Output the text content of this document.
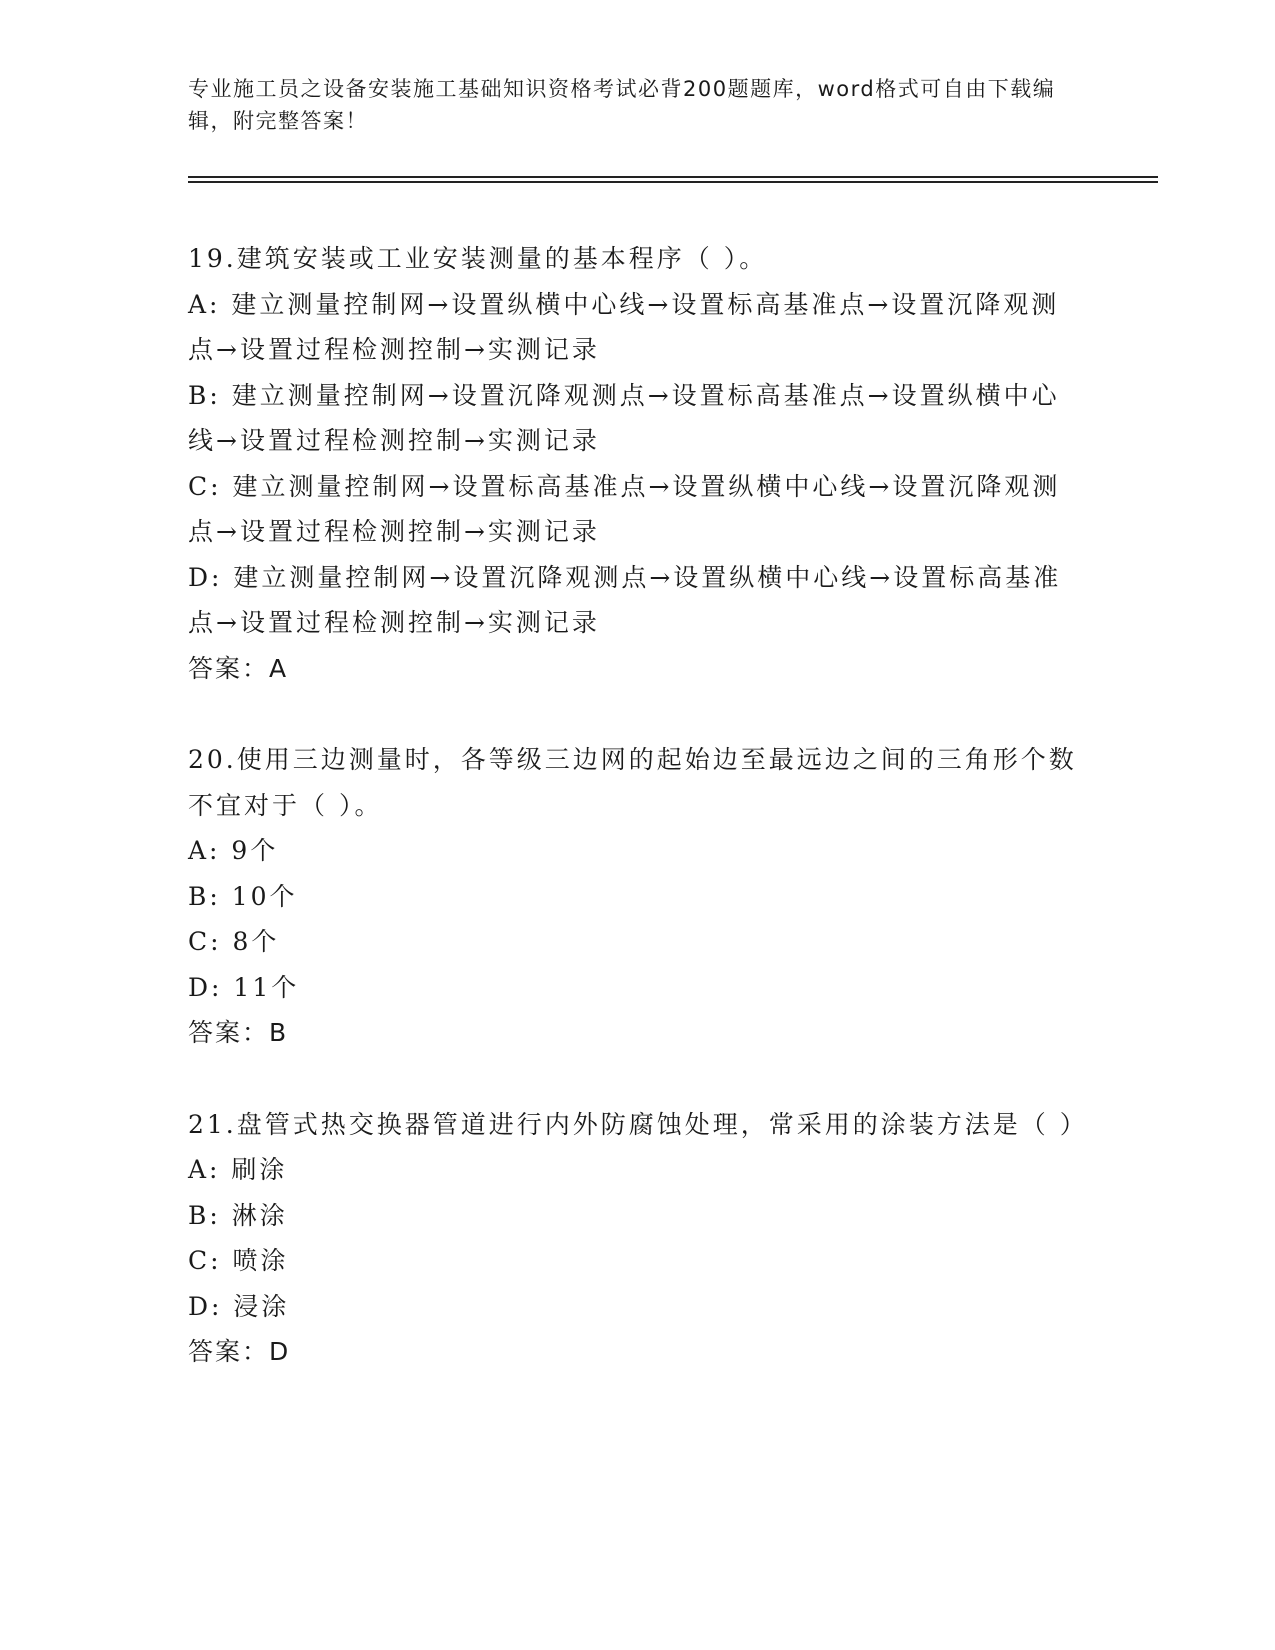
专业施工员之设备安装施工基础知识资格考试必背200题题库，word格式可自由下载编辑，附完整答案！

19.建筑安装或工业安装测量的基本程序（ ）。

A: 建立测量控制网→设置纵横中心线→设置标高基准点→设置沉降观测点→设置过程检测控制→实测记录

B: 建立测量控制网→设置沉降观测点→设置标高基准点→设置纵横中心线→设置过程检测控制→实测记录

C: 建立测量控制网→设置标高基准点→设置纵横中心线→设置沉降观测点→设置过程检测控制→实测记录

D: 建立测量控制网→设置沉降观测点→设置纵横中心线→设置标高基准点→设置过程检测控制→实测记录

答案：A

20.使用三边测量时，各等级三边网的起始边至最远边之间的三角形个数不宜对于（ ）。

A: 9个

B: 10个

C: 8个

D: 11个

答案：B

21.盘管式热交换器管道进行内外防腐蚀处理，常采用的涂装方法是（ ）

A: 刷涂

B: 淋涂

C: 喷涂

D: 浸涂

答案：D
